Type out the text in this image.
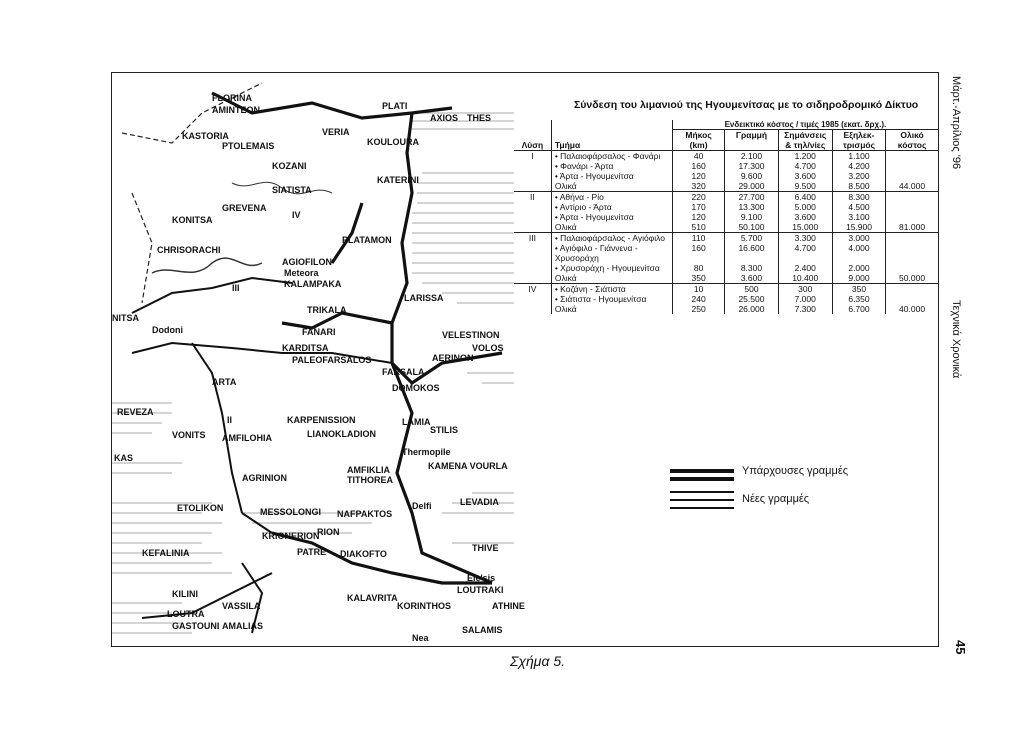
FLORINA
AMINTEON
KASTORIA
PTOLEMAIS
VERIA
PLATI
AXIOS THES
KOULOURA
KOZANI
SIATISTA
KATERINI
GREVENA
KONITSA
CHRISORACHI
PLATAMON
AGIOFILON
Meteora
KALAMPAKA
LARISSA
TRIKALA
NITSA
Dodoni	FANARI
KARDITSA
PALEOFARSALOS
VELESTINON
VOLOS
FARSALA
AERINON
DOMOKOS
ARTA
REVEZA
KARPENISSION
LIANOKLADION
LAMIA
STILIS
VONITS AMFILOHIA
Thermopile
KAMENA VOURLA
AMFIKLIA
TITHOREA
AGRINION
ETOLIKON	MESSOLONGI NAFPAKTOS
Delfi	LEVADIA
KEFALINIA
KRIONERION
RION
PATRE DIAKOFTO
THIVE
KILINI	KALAVRITA
LOUTRAKI
LOUTRA
VASSILA
GASTOUNI AMALIAS
KORINTHOS	ATHINE
SALAMIS
Ele'sis
KAS
Nea
III
IV
II
Σύνδεση του λιμανιού της Ηγουμενίτσας με το σιδηροδρομικό Δίκτυο
Λύση	Τμήμα	Ενδεικτικό κόστος / τιμές 1985 (εκατ. δρχ.).				
		Μήκος (km)	Γραμμή	Σημάνσεις & τηλ/νίες	Εξηλεκ- τρισμός	Ολικό κόστος
I	• Παλαιοφάρσαλος - Φανάρι	40	2.100	1.200	1.100	
	• Φανάρι - Άρτα	160	17.300	4.700	4.200	
	• Άρτα - Ηγουμενίτσα	120	9.600	3.600	3.200	
	Ολικά	320	29.000	9.500	8.500	44.000
II	• Αθήνα - Ρίο	220	27.700	6.400	8.300	
	• Αντίριο - Άρτα	170	13.300	5.000	4.500	
	• Άρτα - Ηγουμενίτσα	120	9.100	3.600	3.100	
	Ολικά	510	50.100	15.000	15.900	81.000
III	• Παλαιοφάρσαλος - Αγιόφιλο	110	5.700	3.300	3.000	
	• Αγιόφιλο - Γιάννενα - Χρυσοράχη	160	16.600	4.700	4.000	
	• Χρυσοράχη - Ηγουμενίτσα	80	8.300	2.400	2.000	
	Ολικά	350	3.600	10.400	9.000	50.000
IV	• Κοζάνη - Σιάτιστα	10	500	300	350	
	• Σιάτιστα - Ηγουμενίτσα	240	25.500	7.000	6.350	
	Ολικά	250	26.000	7.300	6.700	40.000
Υπάρχουσες γραμμές
Νέες γραμμές
Σχήμα 5.
Μάρτ.-Απρίλιος '96
Τεχνικά Χρονικά
45
